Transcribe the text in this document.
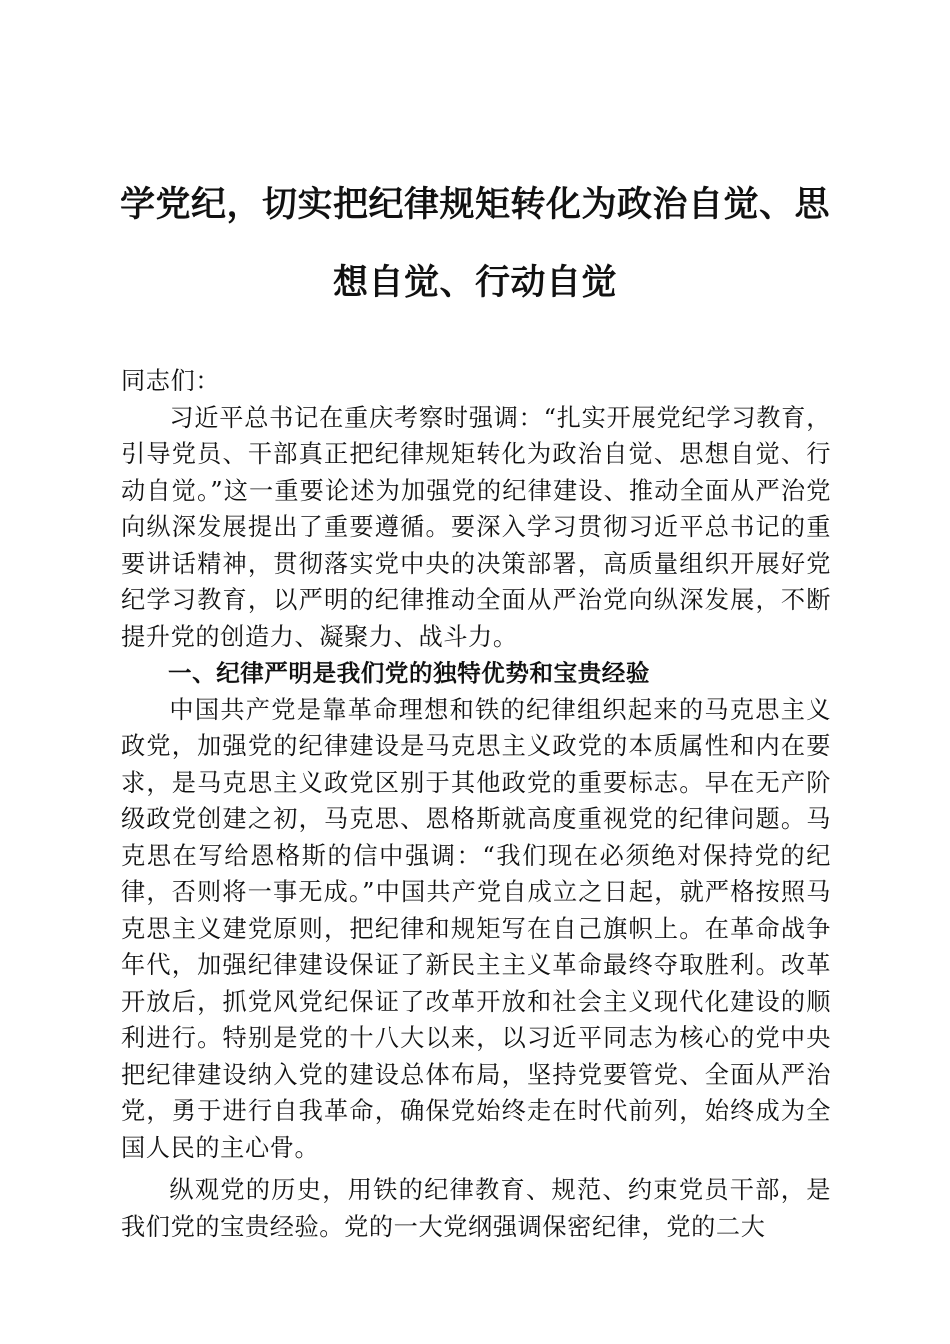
学党纪，切实把纪律规矩转化为政治自觉、思想自觉、行动自觉

同志们：

习近平总书记在重庆考察时强调：“扎实开展党纪学习教育，引导党员、干部真正把纪律规矩转化为政治自觉、思想自觉、行动自觉。”这一重要论述为加强党的纪律建设、推动全面从严治党向纵深发展提出了重要遵循。要深入学习贯彻习近平总书记的重要讲话精神，贯彻落实党中央的决策部署，高质量组织开展好党纪学习教育，以严明的纪律推动全面从严治党向纵深发展，不断提升党的创造力、凝聚力、战斗力。

一、纪律严明是我们党的独特优势和宝贵经验

中国共产党是靠革命理想和铁的纪律组织起来的马克思主义政党，加强党的纪律建设是马克思主义政党的本质属性和内在要求，是马克思主义政党区别于其他政党的重要标志。早在无产阶级政党创建之初，马克思、恩格斯就高度重视党的纪律问题。马克思在写给恩格斯的信中强调：“我们现在必须绝对保持党的纪律，否则将一事无成。”中国共产党自成立之日起，就严格按照马克思主义建党原则，把纪律和规矩写在自己旗帜上。在革命战争年代，加强纪律建设保证了新民主主义革命最终夺取胜利。改革开放后，抓党风党纪保证了改革开放和社会主义现代化建设的顺利进行。特别是党的十八大以来，以习近平同志为核心的党中央把纪律建设纳入党的建设总体布局，坚持党要管党、全面从严治党，勇于进行自我革命，确保党始终走在时代前列，始终成为全国人民的主心骨。

纵观党的历史，用铁的纪律教育、规范、约束党员干部，是我们党的宝贵经验。党的一大党纲强调保密纪律，党的二大
